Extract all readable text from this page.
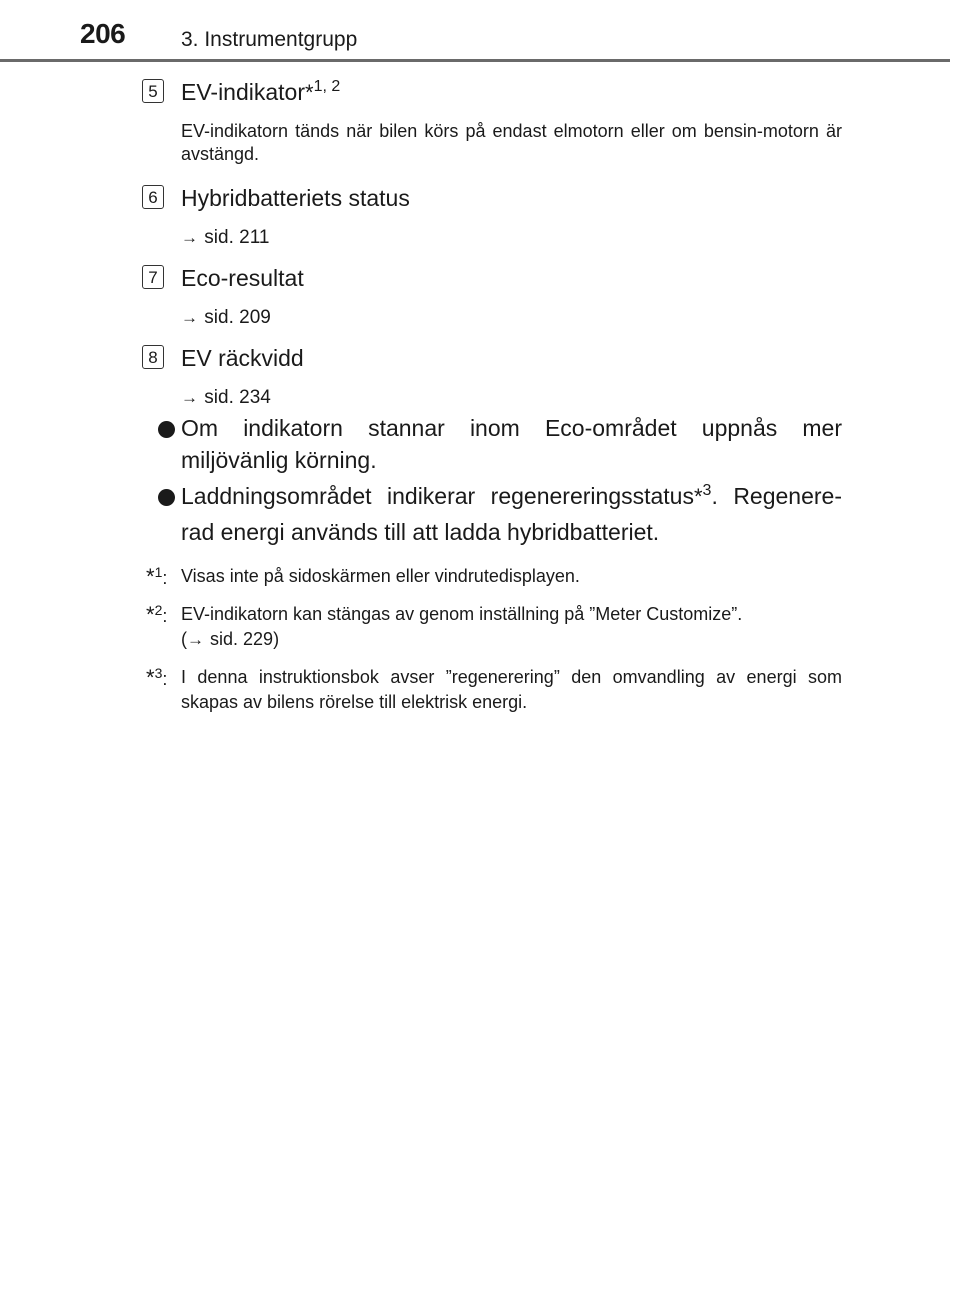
206	3. Instrumentgrupp
5 EV-indikator*$^{1, 2}$
EV-indikatorn tänds när bilen körs på endast elmotorn eller om bensin-motorn är avstängd.
6 Hybridbatteriets status
→ sid. 211
7 Eco-resultat
→ sid. 209
8 EV räckvidd
→ sid. 234
Om indikatorn stannar inom Eco-området uppnås mer miljövänlig körning.
Laddningsområdet indikerar regenereringsstatus*$^3$. Regenere-rad energi används till att ladda hybridbatteriet.
*$^1$: Visas inte på sidoskärmen eller vindrutedisplayen.
*$^2$: EV-indikatorn kan stängas av genom inställning på ”Meter Customize”.
(→ sid. 229)
*$^3$: I denna instruktionsbok avser ”regenerering” den omvandling av energi som skapas av bilens rörelse till elektrisk energi.
